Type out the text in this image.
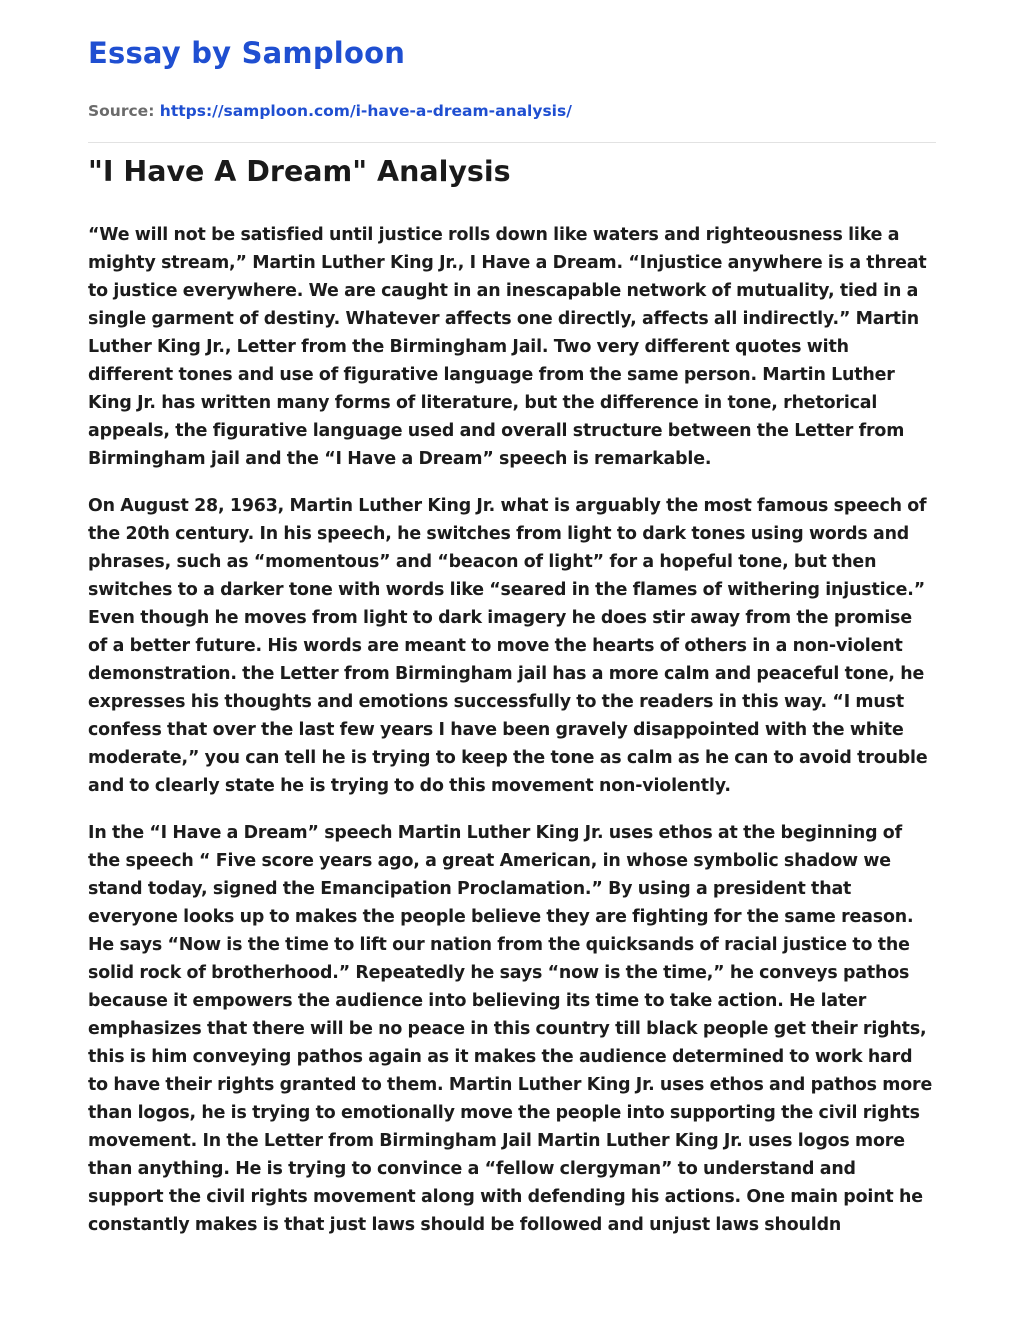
Essay by Samploon
Source: https://samploon.com/i-have-a-dream-analysis/
"I Have A Dream" Analysis

“We will not be satisfied until justice rolls down like waters and righteousness like a mighty stream,” Martin Luther King Jr., I Have a Dream. “Injustice anywhere is a threat to justice everywhere. We are caught in an inescapable network of mutuality, tied in a single garment of destiny. Whatever affects one directly, affects all indirectly.” Martin Luther King Jr., Letter from the Birmingham Jail. Two very different quotes with different tones and use of figurative language from the same person. Martin Luther King Jr. has written many forms of literature, but the difference in tone, rhetorical appeals, the figurative language used and overall structure between the Letter from Birmingham jail and the “I Have a Dream” speech is remarkable.

On August 28, 1963, Martin Luther King Jr. what is arguably the most famous speech of the 20th century. In his speech, he switches from light to dark tones using words and phrases, such as “momentous” and “beacon of light” for a hopeful tone, but then switches to a darker tone with words like “seared in the flames of withering injustice.” Even though he moves from light to dark imagery he does stir away from the promise of a better future. His words are meant to move the hearts of others in a non-violent demonstration. the Letter from Birmingham jail has a more calm and peaceful tone, he expresses his thoughts and emotions successfully to the readers in this way. “I must confess that over the last few years I have been gravely disappointed with the white moderate,” you can tell he is trying to keep the tone as calm as he can to avoid trouble and to clearly state he is trying to do this movement non-violently.

In the “I Have a Dream” speech Martin Luther King Jr. uses ethos at the beginning of the speech “ Five score years ago, a great American, in whose symbolic shadow we stand today, signed the Emancipation Proclamation.” By using a president that everyone looks up to makes the people believe they are fighting for the same reason. He says “Now is the time to lift our nation from the quicksands of racial justice to the solid rock of brotherhood.” Repeatedly he says “now is the time,” he conveys pathos because it empowers the audience into believing its time to take action. He later emphasizes that there will be no peace in this country till black people get their rights, this is him conveying pathos again as it makes the audience determined to work hard to have their rights granted to them. Martin Luther King Jr. uses ethos and pathos more than logos, he is trying to emotionally move the people into supporting the civil rights movement. In the Letter from Birmingham Jail Martin Luther King Jr. uses logos more than anything. He is trying to convince a “fellow clergyman” to understand and support the civil rights movement along with defending his actions. One main point he constantly makes is that just laws should be followed and unjust laws shouldn
